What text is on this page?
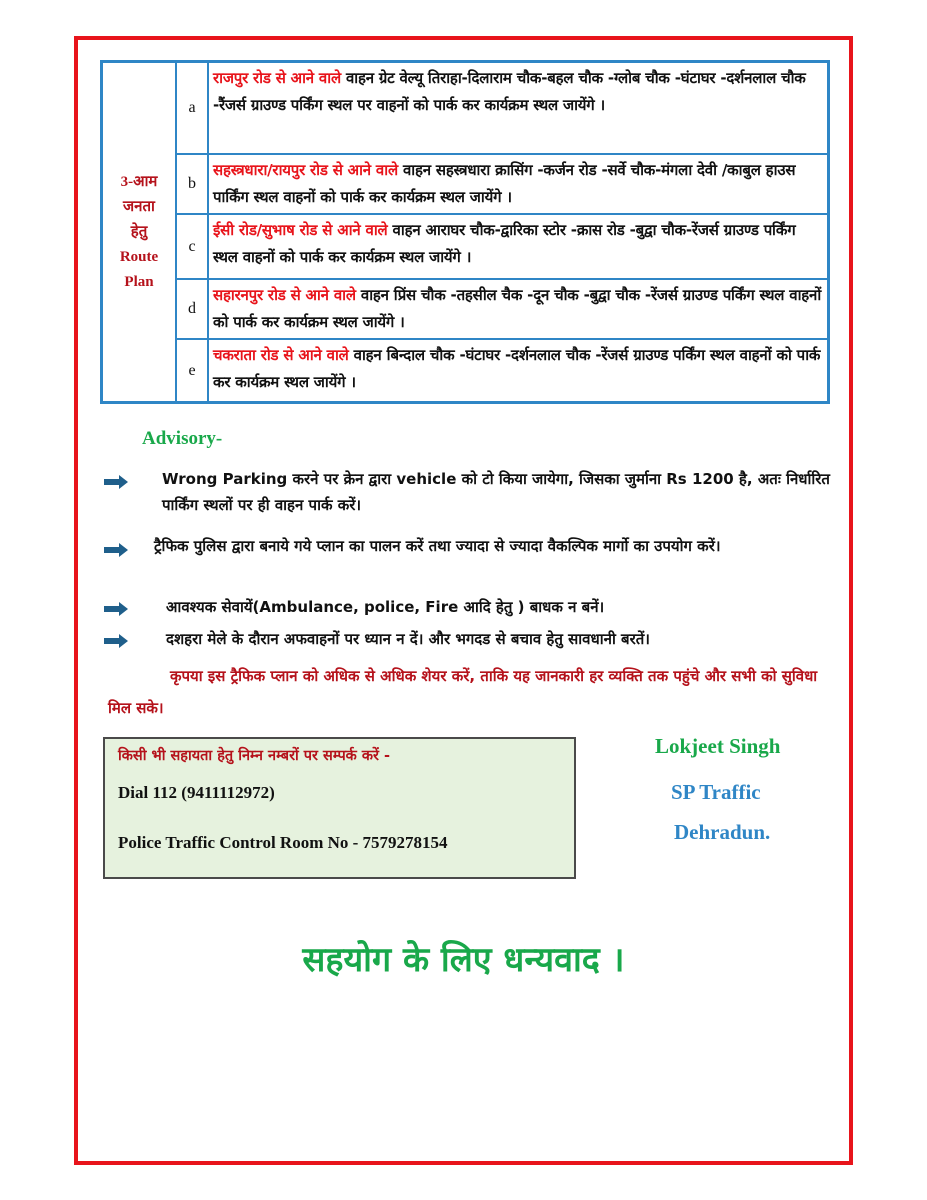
3-आम
जनता
हेतु
Route
Plan
a
राजपुर रोड से आने वाले वाहन ग्रेट वेल्यू तिराहा-दिलाराम चौक-बहल चौक -ग्लोब चौक -घंटाघर -दर्शनलाल चौक -रैंजर्स ग्राउण्ड पर्किंग स्थल पर वाहनों को पार्क कर कार्यक्रम स्थल जायेंगे ।
b
सहस्त्रधारा/रायपुर रोड से आने वाले वाहन सहस्त्रधारा क्रासिंग -कर्जन रोड -सर्वे चौक-मंगला देवी /काबुल हाउस पार्किंग स्थल वाहनों को पार्क कर कार्यक्रम स्थल जायेंगे ।
c
ईसी रोड/सुभाष रोड से आने वाले वाहन आराघर चौक-द्वारिका स्टोर -क्रास रोड -बुद्वा चौक-रेंजर्स ग्राउण्ड पर्किंग स्थल वाहनों को पार्क कर कार्यक्रम स्थल जायेंगे ।
d
सहारनपुर रोड से आने वाले वाहन प्रिंस चौक -तहसील चैक -दून चौक -बुद्वा चौक -रेंजर्स ग्राउण्ड पर्किंग स्थल वाहनों को पार्क कर कार्यक्रम स्थल जायेंगे ।
e
चकराता रोड से आने वाले वाहन बिन्दाल चौक -घंटाघर -दर्शनलाल चौक -रेंजर्स ग्राउण्ड पर्किंग स्थल वाहनों को पार्क कर कार्यक्रम स्थल जायेंगे ।
Advisory-
Wrong Parking करने पर क्रेन द्वारा vehicle को टो किया जायेगा, जिसका जुर्माना Rs 1200 है, अतः निर्धारित पार्किंग स्थलों पर ही वाहन पार्क करें।
ट्रैफिक पुलिस द्वारा बनाये गये प्लान का पालन करें तथा ज्यादा से ज्यादा वैकल्पिक मार्गो का उपयोग करें।
आवश्यक सेवायें(Ambulance, police, Fire आदि हेतु ) बाधक न बनें।
दशहरा मेले के दौरान अफवाहनों पर ध्यान न दें। और भगदड से बचाव हेतु सावधानी बरतें।
कृपया इस ट्रैफिक प्लान को अधिक से अधिक शेयर करें, ताकि यह जानकारी हर व्यक्ति तक पहुंचे और सभी को सुविधा मिल सके।
किसी भी सहायता हेतु निम्न नम्बरों पर सम्पर्क करें -
Dial 112 (9411112972)
Police Traffic Control Room No - 7579278154
Lokjeet Singh
SP Traffic
Dehradun.
सहयोग के लिए धन्यवाद ।
